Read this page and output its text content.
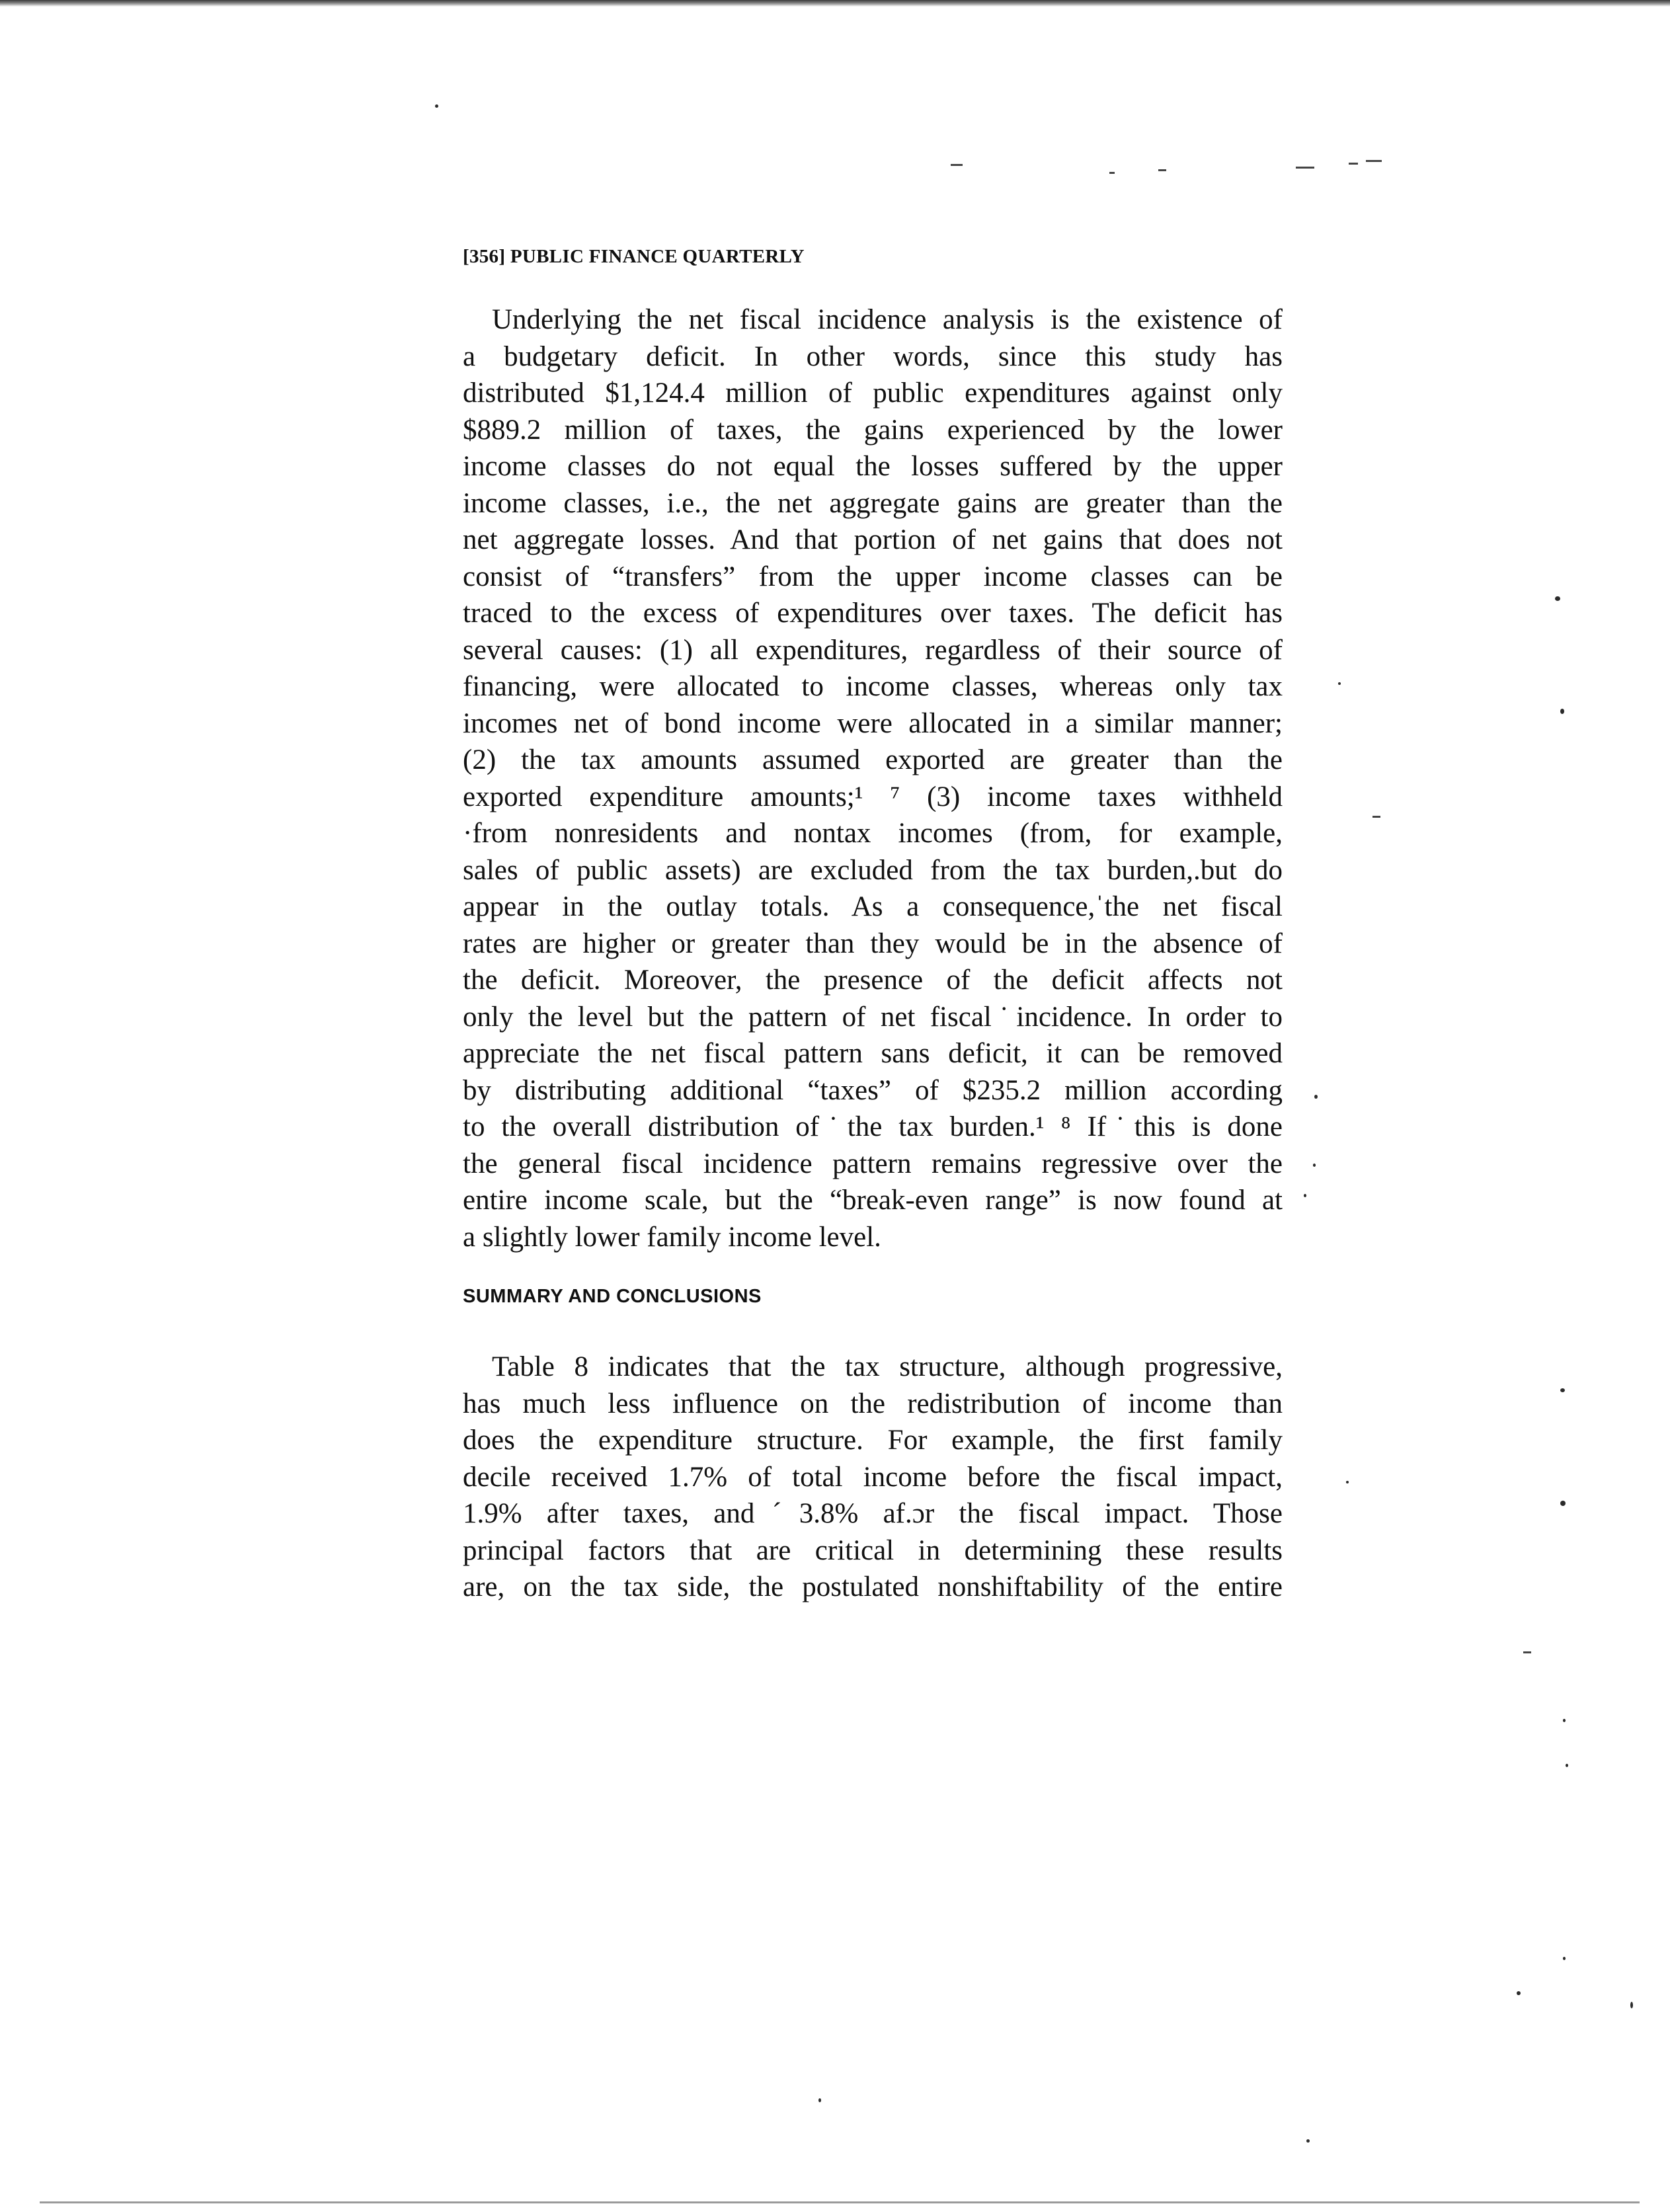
[356] PUBLIC FINANCE QUARTERLY
Underlying the net fiscal incidence analysis is the existence of
a budgetary deficit. In other words, since this study has
distributed $1,124.4 million of public expenditures against only
$889.2 million of taxes, the gains experienced by the lower
income classes do not equal the losses suffered by the upper
income classes, i.e., the net aggregate gains are greater than the
net aggregate losses. And that portion of net gains that does not
consist of “transfers” from the upper income classes can be
traced to the excess of expenditures over taxes. The deficit has
several causes: (1) all expenditures, regardless of their source of
financing, were allocated to income classes, whereas only tax
incomes net of bond income were allocated in a similar manner;
(2) the tax amounts assumed exported are greater than the
exported expenditure amounts;¹ ⁷ (3) income taxes withheld
·from nonresidents and nontax incomes (from, for example,
sales of public assets) are excluded from the tax burden,.but do
appear in the outlay totals. As a consequence,ˈthe net fiscal
rates are higher or greater than they would be in the absence of
the deficit. Moreover, the presence of the deficit affects not
only the level but the pattern of net fiscal˙incidence. In order to
appreciate the net fiscal pattern sans deficit, it can be removed
by distributing additional “taxes” of $235.2 million according
to the overall distribution of˙the tax burden.¹ ⁸ If˙this is done
the general fiscal incidence pattern remains regressive over the
entire income scale, but the “break-even range” is now found at
a slightly lower family income level.
SUMMARY AND CONCLUSIONS
Table 8 indicates that the tax structure, although progressive,
has much less influence on the redistribution of income than
does the expenditure structure. For example, the first family
decile received 1.7% of total income before the fiscal impact,
1.9% after taxes, andˊ3.8% af.ɔr the fiscal impact. Those
principal factors that are critical in determining these results
are, on the tax side, the postulated nonshiftability of the entire
